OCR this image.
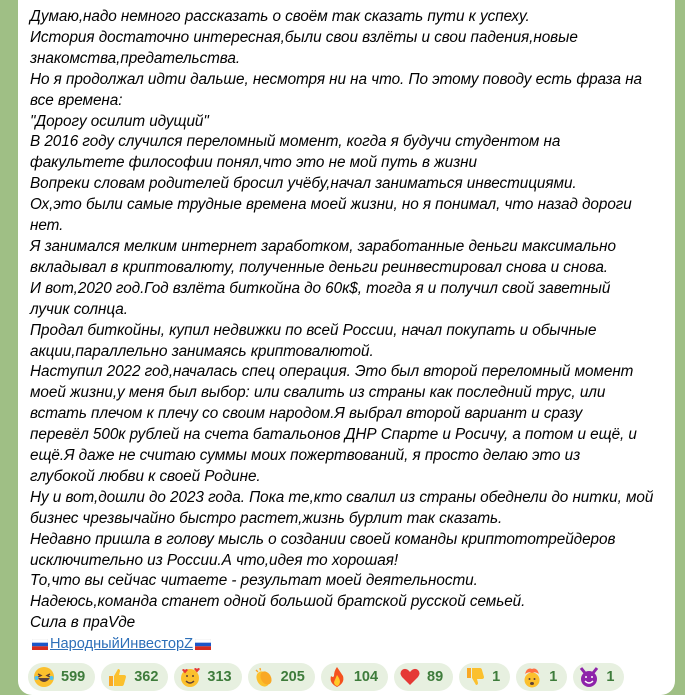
Думаю,надо немного рассказать о своём так сказать пути к успеху.

История достаточно интересная,были свои взлёты и свои падения,новые

знакомства,предательства.

Но я продолжал идти дальше, несмотря ни на что. По этому поводу есть фраза на

все времена:

"Дорогу осилит идущий"

В 2016 году случился переломный момент, когда я будучи студентом на

факультете философии понял,что это не мой путь в жизни

Вопреки словам родителей бросил учёбу,начал заниматься инвестициями.

Ох,это были самые трудные времена моей жизни, но я понимал, что назад дороги

нет.

Я занимался мелким интернет заработком, заработанные деньги максимально

вкладывал в криптовалюту, полученные деньги реинвестировал снова и снова.

И вот,2020 год.Год взлёта биткойна до 60к$, тогда я и получил свой заветный

лучик солнца.

Продал биткойны, купил недвижки по всей России, начал покупать и обычные

акции,параллельно занимаясь криптовалютой.

Наступил 2022 год,началась спец операция. Это был второй переломный момент

моей жизни,у меня был выбор: или свалить из страны как последний трус, или

встать плечом к плечу со своим народом.Я выбрал второй вариант и сразу

перевёл 500к рублей на счета батальонов ДНР Спарте и Росичу, а потом и ещё, и

ещё.Я даже не считаю суммы моих пожертвований, я просто делаю это из

глубокой любви к своей Родине.

Ну и вот,дошли до 2023 года. Пока те,кто свалил из страны обеднели до нитки, мой

бизнес чрезвычайно быстро растет,жизнь бурлит так сказать.

Недавно пришла в голову мысль о создании своей команды криптототрейдеров

исключительно из России.А что,идея то хорошая!

То,что вы сейчас читаете - результат моей деятельности.

Надеюсь,команда станет одной большой братской русской семьей.

Сила в праVде

НародныйИнвесторZ

599	362	313	205	104	89	1	1	1
